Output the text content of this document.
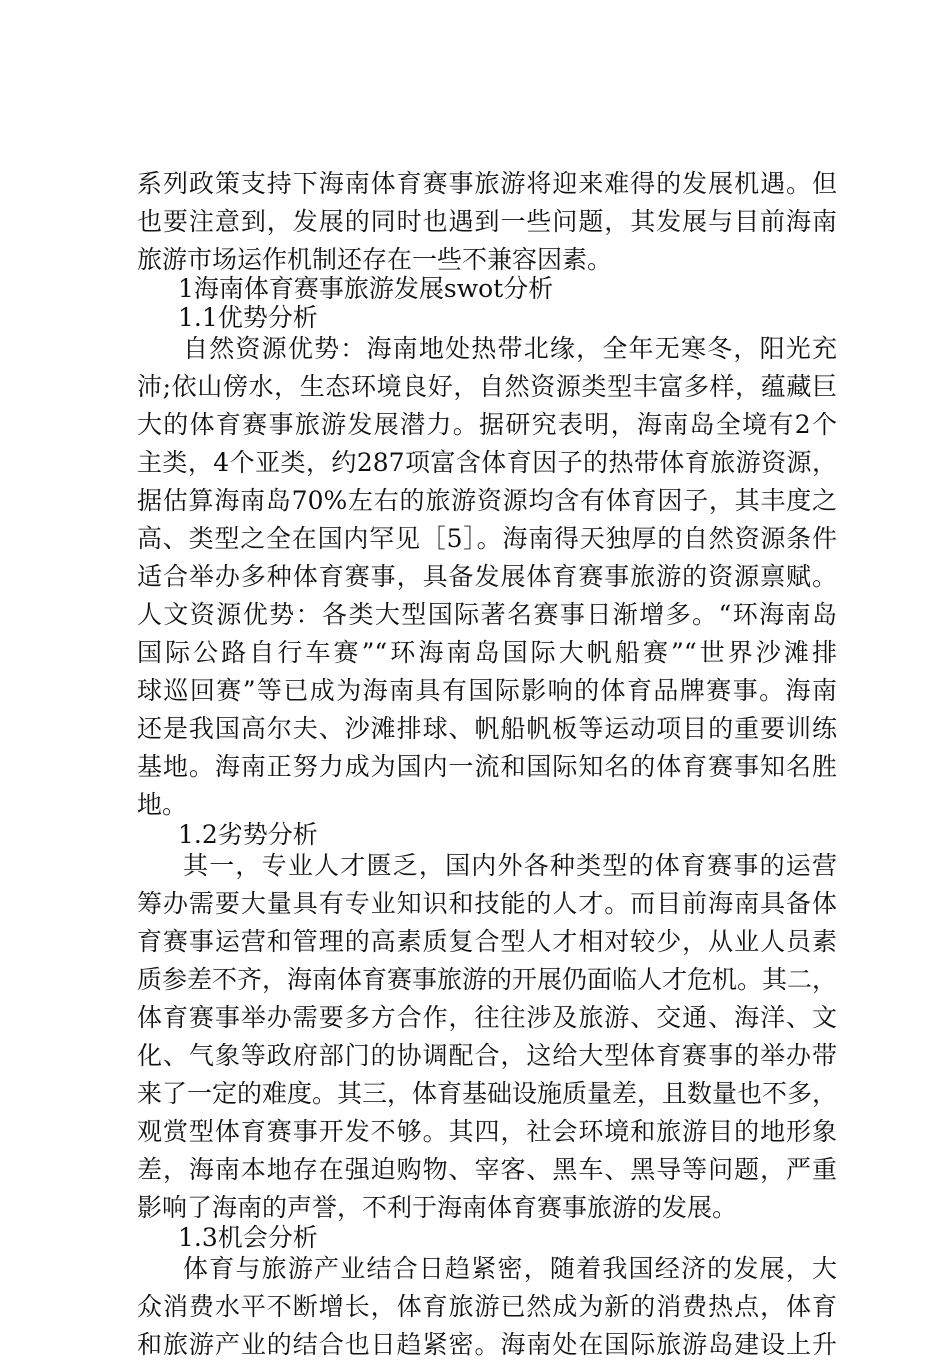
系列政策支持下海南体育赛事旅游将迎来难得的发展机遇。但
也要注意到，发展的同时也遇到一些问题，其发展与目前海南
旅游市场运作机制还存在一些不兼容因素。
1海南体育赛事旅游发展swot分析
1.1优势分析
自然资源优势：海南地处热带北缘，全年无寒冬，阳光充
沛;依山傍水，生态环境良好，自然资源类型丰富多样，蕴藏巨
大的体育赛事旅游发展潜力。据研究表明，海南岛全境有2个
主类，4个亚类，约287项富含体育因子的热带体育旅游资源，
据估算海南岛70%左右的旅游资源均含有体育因子，其丰度之
高、类型之全在国内罕见［5］。海南得天独厚的自然资源条件
适合举办多种体育赛事，具备发展体育赛事旅游的资源禀赋。
人文资源优势：各类大型国际著名赛事日渐增多。“环海南岛
国际公路自行车赛”“环海南岛国际大帆船赛”“世界沙滩排
球巡回赛”等已成为海南具有国际影响的体育品牌赛事。海南
还是我国高尔夫、沙滩排球、帆船帆板等运动项目的重要训练
基地。海南正努力成为国内一流和国际知名的体育赛事知名胜
地。
1.2劣势分析
其一，专业人才匮乏，国内外各种类型的体育赛事的运营
筹办需要大量具有专业知识和技能的人才。而目前海南具备体
育赛事运营和管理的高素质复合型人才相对较少，从业人员素
质参差不齐，海南体育赛事旅游的开展仍面临人才危机。其二，
体育赛事举办需要多方合作，往往涉及旅游、交通、海洋、文
化、气象等政府部门的协调配合，这给大型体育赛事的举办带
来了一定的难度。其三，体育基础设施质量差，且数量也不多，
观赏型体育赛事开发不够。其四，社会环境和旅游目的地形象
差，海南本地存在强迫购物、宰客、黑车、黑导等问题，严重
影响了海南的声誉，不利于海南体育赛事旅游的发展。
1.3机会分析
体育与旅游产业结合日趋紧密，随着我国经济的发展，大
众消费水平不断增长，体育旅游已然成为新的消费热点，体育
和旅游产业的结合也日趋紧密。海南处在国际旅游岛建设上升
